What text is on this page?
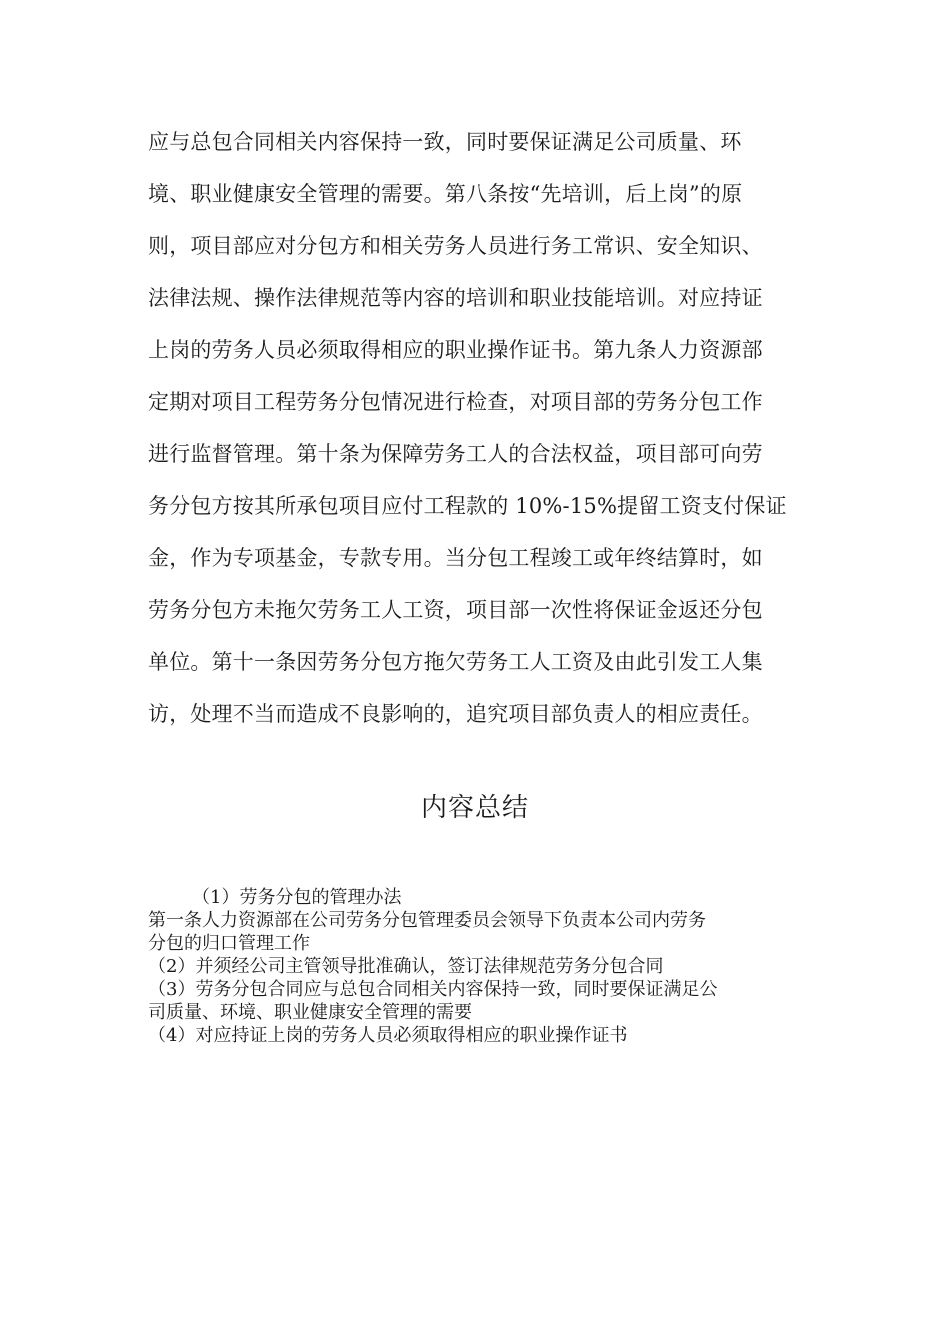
应与总包合同相关内容保持一致，同时要保证满足公司质量、环
境、职业健康安全管理的需要。第八条按“先培训，后上岗”的原
则，项目部应对分包方和相关劳务人员进行务工常识、安全知识、
法律法规、操作法律规范等内容的培训和职业技能培训。对应持证
上岗的劳务人员必须取得相应的职业操作证书。第九条人力资源部
定期对项目工程劳务分包情况进行检查，对项目部的劳务分包工作
进行监督管理。第十条为保障劳务工人的合法权益，项目部可向劳
务分包方按其所承包项目应付工程款的 10%-15%提留工资支付保证
金，作为专项基金，专款专用。当分包工程竣工或年终结算时，如
劳务分包方未拖欠劳务工人工资，项目部一次性将保证金返还分包
单位。第十一条因劳务分包方拖欠劳务工人工资及由此引发工人集
访，处理不当而造成不良影响的，追究项目部负责人的相应责任。
内容总结
（1）劳务分包的管理办法
第一条人力资源部在公司劳务分包管理委员会领导下负责本公司内劳务
分包的归口管理工作
（2）并须经公司主管领导批准确认，签订法律规范劳务分包合同
（3）劳务分包合同应与总包合同相关内容保持一致，同时要保证满足公
司质量、环境、职业健康安全管理的需要
（4）对应持证上岗的劳务人员必须取得相应的职业操作证书
